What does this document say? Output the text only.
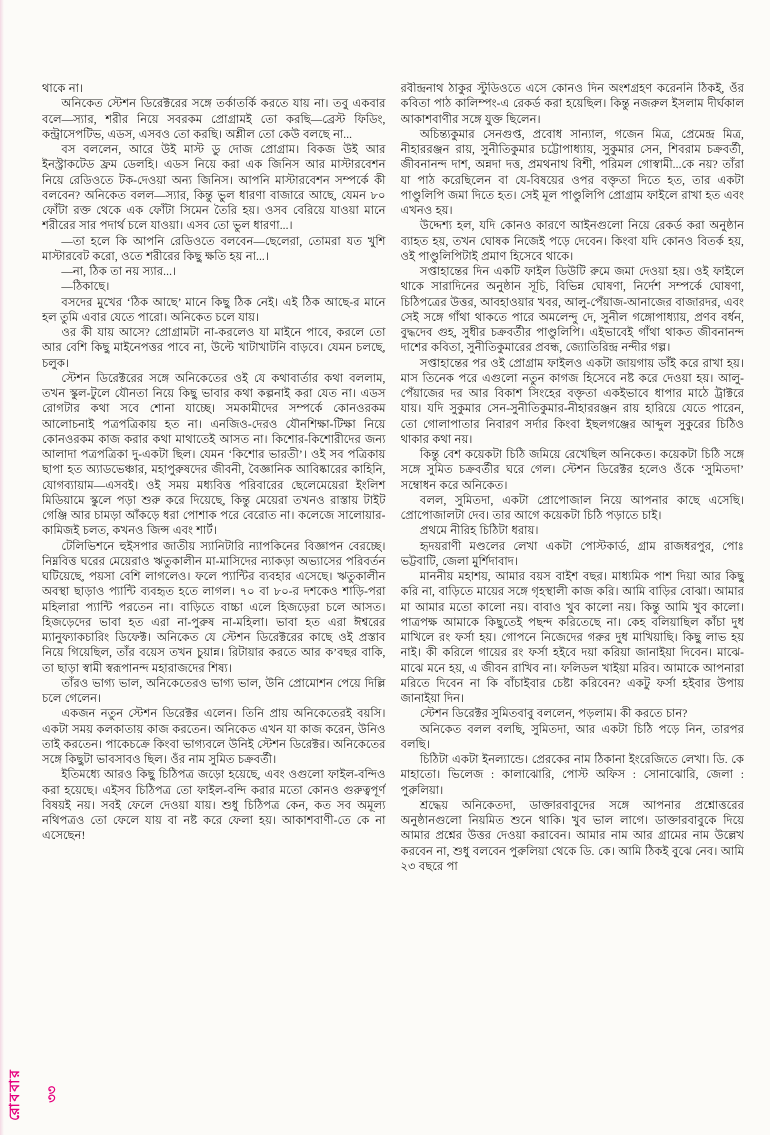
রোববার	৩৩

থাকে না।

অনিকেত স্টেশন ডিরেক্টরের সঙ্গে তর্কাতর্কি করতে যায় না। তবু একবার বলে—স্যার, শরীর নিয়ে সবরকম প্রোগ্রামই তো করছি—ব্রেস্ট ফিডিং, কন্ট্রাসেপটিভ, এডস, এসবও তো করছি। অশ্লীল তো কেউ বলছে না...

বস বললেন, আরে উই মাস্ট ডু দোজ প্রোগ্রাম। বিকজ উই আর ইনস্ট্রাকটেড ফ্রম ডেলহি। এডস নিয়ে করা এক জিনিস আর মাস্টারবেশন নিয়ে রেডিওতে টক-দেওয়া অন্য জিনিস। আপনি মাস্টারবেশন সম্পর্কে কী বলবেন? অনিকেত বলল—স্যার, কিন্তু ভুল ধারণা বাজারে আছে, যেমন ৮০ ফোঁটা রক্ত থেকে এক ফোঁটা সিমেন তৈরি হয়। ওসব বেরিয়ে যাওয়া মানে শরীরের সার পদার্থ চলে যাওয়া। এসব তো ভুল ধারণা...।

—তা হলে কি আপনি রেডিওতে বলবেন—ছেলেরা, তোমরা যত খুশি মাস্টারবেট করো, ওতে শরীরের কিছু ক্ষতি হয় না...।

—না, ঠিক তা নয় স্যার...।

—ঠিকাছে।

বসদের মুখের ‘ঠিক আছে’ মানে কিছু ঠিক নেই। এই ঠিক আছে-র মানে হল তুমি এবার যেতে পারো। অনিকেত চলে যায়।

ওর কী যায় আসে? প্রোগ্রামটা না-করলেও যা মাইনে পাবে, করলে তো আর বেশি কিছু মাইনেপত্তর পাবে না, উল্টে খাটাখাটনি বাড়বে। যেমন চলছে, চলুক।

স্টেশন ডিরেক্টরের সঙ্গে অনিকেতের ওই যে কথাবার্তার কথা বললাম, তখন স্কুল-টুলে যৌনতা নিয়ে কিছু ভাবার কথা কল্পনাই করা যেত না। এডস রোগটার কথা সবে শোনা যাচ্ছে। সমকামীদের সম্পর্কে কোনওরকম আলোচনাই পত্রপত্রিকায় হত না। এনজিও-দেরও যৌনশিক্ষা-টিক্ষা নিয়ে কোনওরকম কাজ করার কথা মাথাতেই আসত না। কিশোর-কিশোরীদের জন্য আলাদা পত্রপত্রিকা দু-একটা ছিল। যেমন ‘কিশোর ভারতী’। ওই সব পত্রিকায় ছাপা হত অ্যাডভেঞ্চার, মহাপুরুষদের জীবনী, বৈজ্ঞানিক আবিষ্কারের কাহিনি, যোগব্যায়াম—এসবই। ওই সময় মধ্যবিত্ত পরিবারের ছেলেমেয়েরা ইংলিশ মিডিয়ামে স্কুলে পড়া শুরু করে দিয়েছে, কিন্তু মেয়েরা তখনও রাস্তায় টাইট গেঞ্জি আর চামড়া আঁকড়ে ধরা পোশাক পরে বেরোত না। কলেজে সালোয়ার-কামিজই চলত, কখনও জিন্স এবং শার্ট।

টেলিভিশনে হুইসপার জাতীয় স্যানিটারি ন্যাপকিনের বিজ্ঞাপন বেরচ্ছে। নিম্নবিত্ত ঘরের মেয়েরাও ঋতুকালীন মা-মাসিদের ন্যাকড়া অভ্যাসের পরিবর্তন ঘটিয়েছে, পয়সা বেশি লাগলেও। ফলে প্যান্টির ব্যবহার এসেছে। ঋতুকালীন অবস্থা ছাড়াও প্যান্টি ব্যবহৃত হতে লাগল। ৭০ বা ৮০-র দশকেও শাড়ি-পরা মহিলারা প্যান্টি পরতেন না। বাড়িতে বাচ্চা এলে হিজড়েরা চলে আসত। হিজড়েদের ভাবা হত এরা না-পুরুষ না-মহিলা। ভাবা হত এরা ঈশ্বরের ম্যানুফ্যাকচারিং ডিফেক্ট। অনিকেত যে স্টেশন ডিরেক্টরের কাছে ওই প্রস্তাব নিয়ে গিয়েছিল, তাঁর বয়েস তখন চুয়ান্ন। রিটায়ার করতে আর ক’বছর বাকি, তা ছাড়া স্বামী স্বরূপানন্দ মহারাজদের শিষ্য।

তাঁরও ভাগ্য ভাল, অনিকেতেরও ভাগ্য ভাল, উনি প্রোমোশন পেয়ে দিল্লি চলে গেলেন।

একজন নতুন স্টেশন ডিরেক্টর এলেন। তিনি প্রায় অনিকেতেরই বয়সি। একটা সময় কলকাতায় কাজ করতেন। অনিকেত এখন যা কাজ করেন, উনিও তাই করতেন। পাকেচক্রে কিংবা ভাগ্যবলে উনিই স্টেশন ডিরেক্টর। অনিকেতের সঙ্গে কিছুটা ভাবসাবও ছিল। ওঁর নাম সুমিত চক্রবর্তী।

ইতিমধ্যে আরও কিছু চিঠিপত্র জড়ো হয়েছে, এবং ওগুলো ফাইল-বন্দিও করা হয়েছে। এইসব চিঠিপত্র তো ফাইল-বন্দি করার মতো কোনও গুরুত্বপূর্ণ বিষয়ই নয়। সবই ফেলে দেওয়া যায়। শুধু চিঠিপত্র কেন, কত সব অমূল্য নথিপত্রও তো ফেলে যায় বা নষ্ট করে ফেলা হয়। আকাশবাণী-তে কে না এসেছেন!

রবীন্দ্রনাথ ঠাকুর স্টুডিওতে এসে কোনও দিন অংশগ্রহণ করেননি ঠিকই, ওঁর কবিতা পাঠ কালিম্পং-এ রেকর্ড করা হয়েছিল। কিন্তু নজরুল ইসলাম দীর্ঘকাল আকাশবাণীর সঙ্গে যুক্ত ছিলেন।

অচিন্ত্যকুমার সেনগুপ্ত, প্রবোধ সান্যাল, গজেন মিত্র, প্রেমেন্দ্র মিত্র, নীহাররঞ্জন রায়, সুনীতিকুমার চট্টোপাধ্যায়, সুকুমার সেন, শিবরাম চক্রবর্তী, জীবনানন্দ দাশ, অন্নদা দত্ত, প্রমথনাথ বিশী, পরিমল গোস্বামী...কে নয়? তাঁরা যা পাঠ করেছিলেন বা যে-বিষয়ের ওপর বক্তৃতা দিতে হত, তার একটা পাণ্ডুলিপি জমা দিতে হত। সেই মূল পাণ্ডুলিপি প্রোগ্রাম ফাইলে রাখা হত এবং এখনও হয়।

উদ্দেশ্য হল, যদি কোনও কারণে আইনগুলো নিয়ে রেকর্ড করা অনুষ্ঠান ব্যাহত হয়, তখন ঘোষক নিজেই পড়ে দেবেন। কিংবা যদি কোনও বিতর্ক হয়, ওই পাণ্ডুলিপিটাই প্রমাণ হিসেবে থাকে।

সপ্তাহান্তের দিন একটি ফাইল ডিউটি রুমে জমা দেওয়া হয়। ওই ফাইলে থাকে সারাদিনের অনুষ্ঠান সূচি, বিভিন্ন ঘোষণা, নির্দেশ সম্পর্কে ঘোষণা, চিঠিপত্রের উত্তর, আবহাওয়ার খবর, আলু-পেঁয়াজ-আনাজের বাজারদর, এবং সেই সঙ্গে গাঁথা থাকতে পারে অমলেন্দু দে, সুনীল গঙ্গোপাধ্যায়, প্রণব বর্ধন, বুদ্ধদেব গুহ, সুধীর চক্রবর্তীর পাণ্ডুলিপি। এইভাবেই গাঁথা থাকত জীবনানন্দ দাশের কবিতা, সুনীতিকুমারের প্রবন্ধ, জ্যোতিরিন্দ্র নন্দীর গল্প।

সপ্তাহান্তের পর ওই প্রোগ্রাম ফাইলও একটা জায়গায় ডাঁই করে রাখা হয়। মাস তিনেক পরে এগুলো নতুন কাগজ হিসেবে নষ্ট করে দেওয়া হয়। আলু-পেঁয়াজের দর আর বিকাশ সিংহের বক্তৃতা একইভাবে ধাপার মাঠে ট্রাক্টরে যায়। যদি সুকুমার সেন-সুনীতিকুমার-নীহাররঞ্জন রায় হারিয়ে যেতে পারেন, তো গোলাপাতার নিবারণ সর্দার কিংবা ইছলগঞ্জের আব্দুল সুকুরের চিঠিও থাকার কথা নয়।

কিন্তু বেশ কয়েকটা চিঠি জমিয়ে রেখেছিল অনিকেত। কয়েকটা চিঠি সঙ্গে সঙ্গে সুমিত চক্রবর্তীর ঘরে গেল। স্টেশন ডিরেক্টর হলেও ওঁকে ‘সুমিতদা’ সম্বোধন করে অনিকেত।

বলল, সুমিতদা, একটা প্রোপোজাল নিয়ে আপনার কাছে এসেছি। প্রোপোজালটা দেব। তার আগে কয়েকটা চিঠি পড়াতে চাই।

প্রথমে নীরিহ চিঠিটা ধরায়।

হৃদয়রাণী মণ্ডলের লেখা একটা পোস্টকার্ড, গ্রাম রাজধরপুর, পোঃ ভট্টবাটি, জেলা মুর্শিদাবাদ।

মাননীয় মহাশয়, আমার বয়স বাইশ বছর। মাধ্যমিক পাশ দিয়া আর কিছু করি না, বাড়িতে মায়ের সঙ্গে গৃহস্থালী কাজ করি। আমি বাড়ির বোঝা। আমার মা আমার মতো কালো নয়। বাবাও খুব কালো নয়। কিন্তু আমি খুব কালো। পাত্রপক্ষ আমাকে কিছুতেই পছন্দ করিতেছে না। কেহ বলিয়াছিল কাঁচা দুধ মাখিলে রং ফর্সা হয়। গোপনে নিজেদের গরুর দুধ মাখিয়াছি। কিছু লাভ হয় নাই। কী করিলে গায়ের রং ফর্সা হইবে দয়া করিয়া জানাইয়া দিবেন। মাঝে-মাঝে মনে হয়, এ জীবন রাখিব না। ফলিডল খাইয়া মরিব। আমাকে আপনারা মরিতে দিবেন না কি বাঁচাইবার চেষ্টা করিবেন? একটু ফর্সা হইবার উপায় জানাইয়া দিন।

স্টেশন ডিরেক্টর সুমিতবাবু বললেন, পড়লাম। কী করতে চান?

অনিকেত বলল বলছি, সুমিতদা, আর একটা চিঠি পড়ে নিন, তারপর বলছি।

চিঠিটা একটা ইনল্যান্ডে। প্রেরকের নাম ঠিকানা ইংরেজিতে লেখা। ডি. কে মাহাতো। ভিলেজ : কালাঝোরি, পোস্ট অফিস : সোনাঝোরি, জেলা : পুরুলিয়া।

শ্রদ্ধেয় অনিকেতদা, ডাক্তারবাবুদের সঙ্গে আপনার প্রশ্নোত্তরের অনুষ্ঠানগুলো নিয়মিত শুনে থাকি। খুব ভাল লাগে। ডাক্তারবাবুকে দিয়ে আমার প্রশ্নের উত্তর দেওয়া করাবেন। আমার নাম আর গ্রামের নাম উল্লেখ করবেন না, শুধু বলবেন পুরুলিয়া থেকে ডি. কে। আমি ঠিকই বুঝে নেব। আমি ২৩ বছরে পা
